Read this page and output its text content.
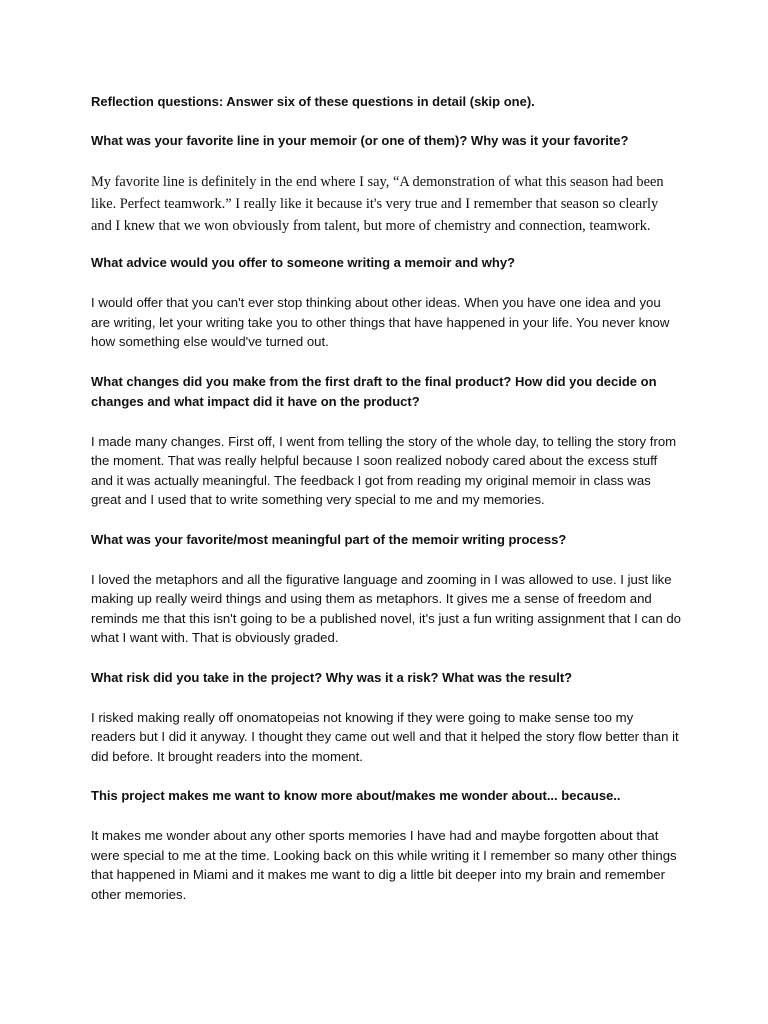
Reflection questions: Answer six of these questions in detail (skip one).

What was your favorite line in your memoir (or one of them)? Why was it your favorite?

My favorite line is definitely in the end where I say, “A demonstration of what this season had been like. Perfect teamwork.” I really like it because it's very true and I remember that season so clearly and I knew that we won obviously from talent, but more of chemistry and connection, teamwork.

What advice would you offer to someone writing a memoir and why?

I would offer that you can't ever stop thinking about other ideas. When you have one idea and you are writing, let your writing take you to other things that have happened in your life. You never know how something else would've turned out.

What changes did you make from the first draft to the final product? How did you decide on changes and what impact did it have on the product?

I made many changes. First off, I went from telling the story of the whole day, to telling the story from the moment. That was really helpful because I soon realized nobody cared about the excess stuff and it was actually meaningful. The feedback I got from reading my original memoir in class was great and I used that to write something very special to me and my memories.

What was your favorite/most meaningful part of the memoir writing process?

I loved the metaphors and all the figurative language and zooming in I was allowed to use. I just like making up really weird things and using them as metaphors. It gives me a sense of freedom and reminds me that this isn't going to be a published novel, it's just a fun writing assignment that I can do what I want with. That is obviously graded.

What risk did you take in the project? Why was it a risk? What was the result?

I risked making really off onomatopeias not knowing if they were going to make sense too my readers but I did it anyway. I thought they came out well and that it helped the story flow better than it did before. It brought readers into the moment.

This project makes me want to know more about/makes me wonder about... because..

It makes me wonder about any other sports memories I have had and maybe forgotten about that were special to me at the time. Looking back on this while writing it I remember so many other things that happened in Miami and it makes me want to dig a little bit deeper into my brain and remember other memories.
